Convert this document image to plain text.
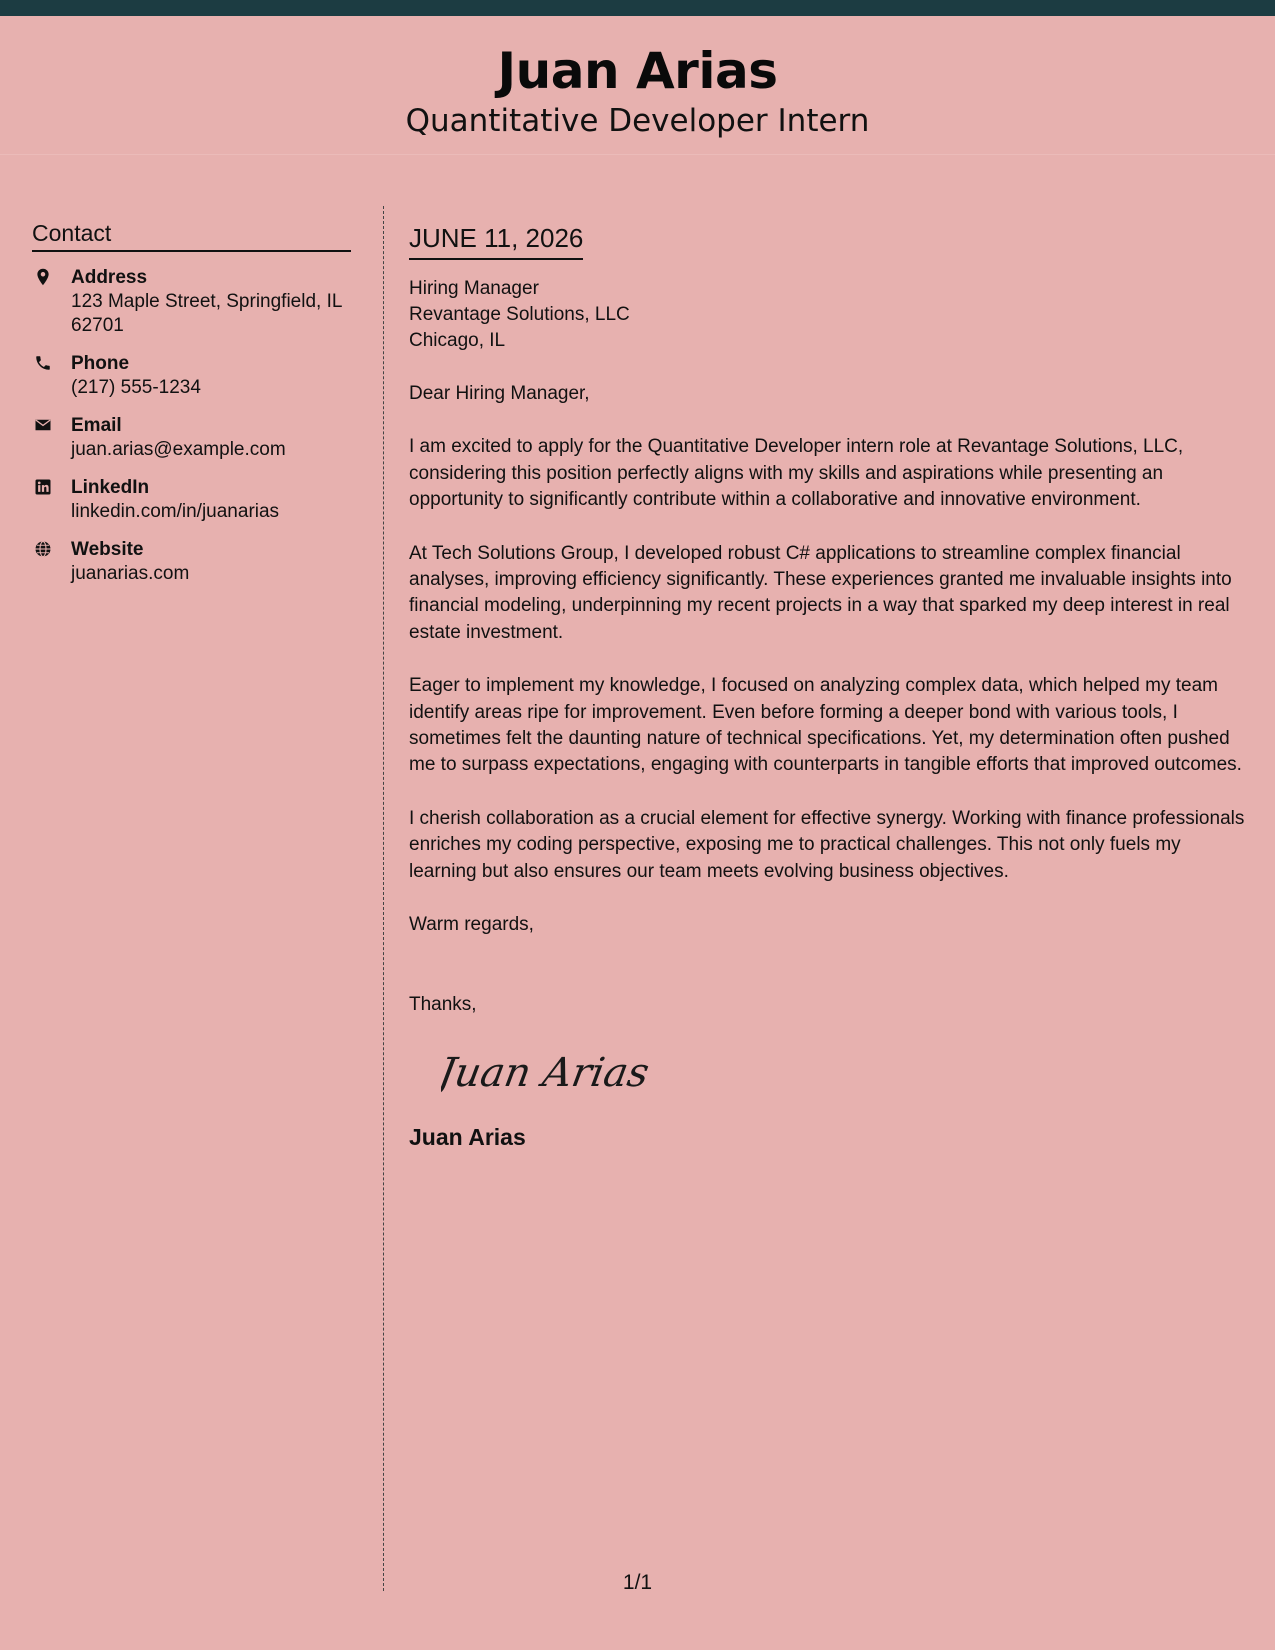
Juan Arias
Quantitative Developer Intern
Contact
Address
123 Maple Street, Springfield, IL 62701
Phone
(217) 555-1234
Email
juan.arias@example.com
LinkedIn
linkedin.com/in/juanarias
Website
juanarias.com
JUNE 11, 2026
Hiring Manager
Revantage Solutions, LLC
Chicago, IL
Dear Hiring Manager,
I am excited to apply for the Quantitative Developer intern role at Revantage Solutions, LLC, considering this position perfectly aligns with my skills and aspirations while presenting an opportunity to significantly contribute within a collaborative and innovative environment.
At Tech Solutions Group, I developed robust C# applications to streamline complex financial analyses, improving efficiency significantly. These experiences granted me invaluable insights into financial modeling, underpinning my recent projects in a way that sparked my deep interest in real estate investment.
Eager to implement my knowledge, I focused on analyzing complex data, which helped my team identify areas ripe for improvement. Even before forming a deeper bond with various tools, I sometimes felt the daunting nature of technical specifications. Yet, my determination often pushed me to surpass expectations, engaging with counterparts in tangible efforts that improved outcomes.
I cherish collaboration as a crucial element for effective synergy. Working with finance professionals enriches my coding perspective, exposing me to practical challenges. This not only fuels my learning but also ensures our team meets evolving business objectives.
Warm regards,
Thanks,
Juan Arias
Juan Arias
1/1
